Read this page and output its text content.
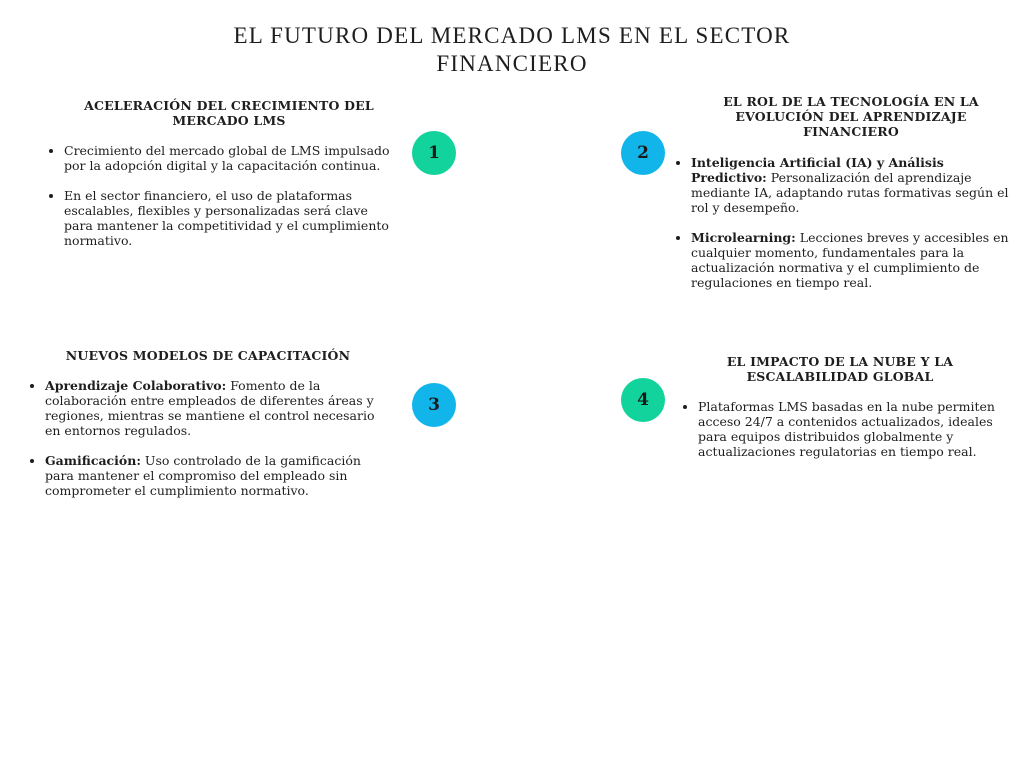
EL FUTURO DEL MERCADO LMS EN EL SECTOR FINANCIERO
1	2
3	4
ACELERACIÓN DEL CRECIMIENTO DEL MERCADO LMS
• Crecimiento del mercado global de LMS impulsado por la adopción digital y la capacitación continua.
• En el sector financiero, el uso de plataformas escalables, flexibles y personalizadas será clave para mantener la competitividad y el cumplimiento normativo.
EL ROL DE LA TECNOLOGÍA EN LA EVOLUCIÓN DEL APRENDIZAJE FINANCIERO
• Inteligencia Artificial (IA) y Análisis Predictivo: Personalización del aprendizaje mediante IA, adaptando rutas formativas según el rol y desempeño.
• Microlearning: Lecciones breves y accesibles en cualquier momento, fundamentales para la actualización normativa y el cumplimiento de regulaciones en tiempo real.
NUEVOS MODELOS DE CAPACITACIÓN
• Aprendizaje Colaborativo: Fomento de la colaboración entre empleados de diferentes áreas y regiones, mientras se mantiene el control necesario en entornos regulados.
• Gamificación: Uso controlado de la gamificación para mantener el compromiso del empleado sin comprometer el cumplimiento normativo.
EL IMPACTO DE LA NUBE Y LA ESCALABILIDAD GLOBAL
• Plataformas LMS basadas en la nube permiten acceso 24/7 a contenidos actualizados, ideales para equipos distribuidos globalmente y actualizaciones regulatorias en tiempo real.
